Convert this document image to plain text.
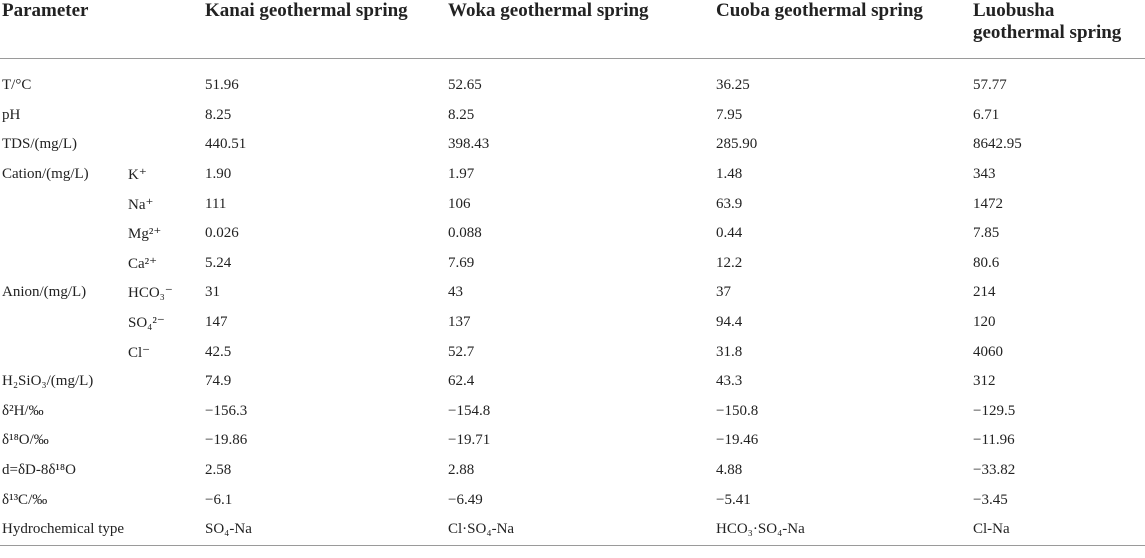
Parameter		Kanai geothermal spring	Woka geothermal spring	Cuoba geothermal spring	Luobusha geothermal spring
T/°C		51.96	52.65	36.25	57.77
pH		8.25	8.25	7.95	6.71
TDS/(mg/L)		440.51	398.43	285.90	8642.95
Cation/(mg/L)	K⁺	1.90	1.97	1.48	343
	Na⁺	111	106	63.9	1472
	Mg²⁺	0.026	0.088	0.44	7.85
	Ca²⁺	5.24	7.69	12.2	80.6
Anion/(mg/L)	HCO₃⁻	31	43	37	214
	SO₄²⁻	147	137	94.4	120
	Cl⁻	42.5	52.7	31.8	4060
H₂SiO₃/(mg/L)		74.9	62.4	43.3	312
δ²H/‰		−156.3	−154.8	−150.8	−129.5
δ¹⁸O/‰		−19.86	−19.71	−19.46	−11.96
d=δD-8δ¹⁸O		2.58	2.88	4.88	−33.82
δ¹³C/‰		−6.1	−6.49	−5.41	−3.45
Hydrochemical type		SO₄-Na	Cl·SO₄-Na	HCO₃·SO₄-Na	Cl-Na
